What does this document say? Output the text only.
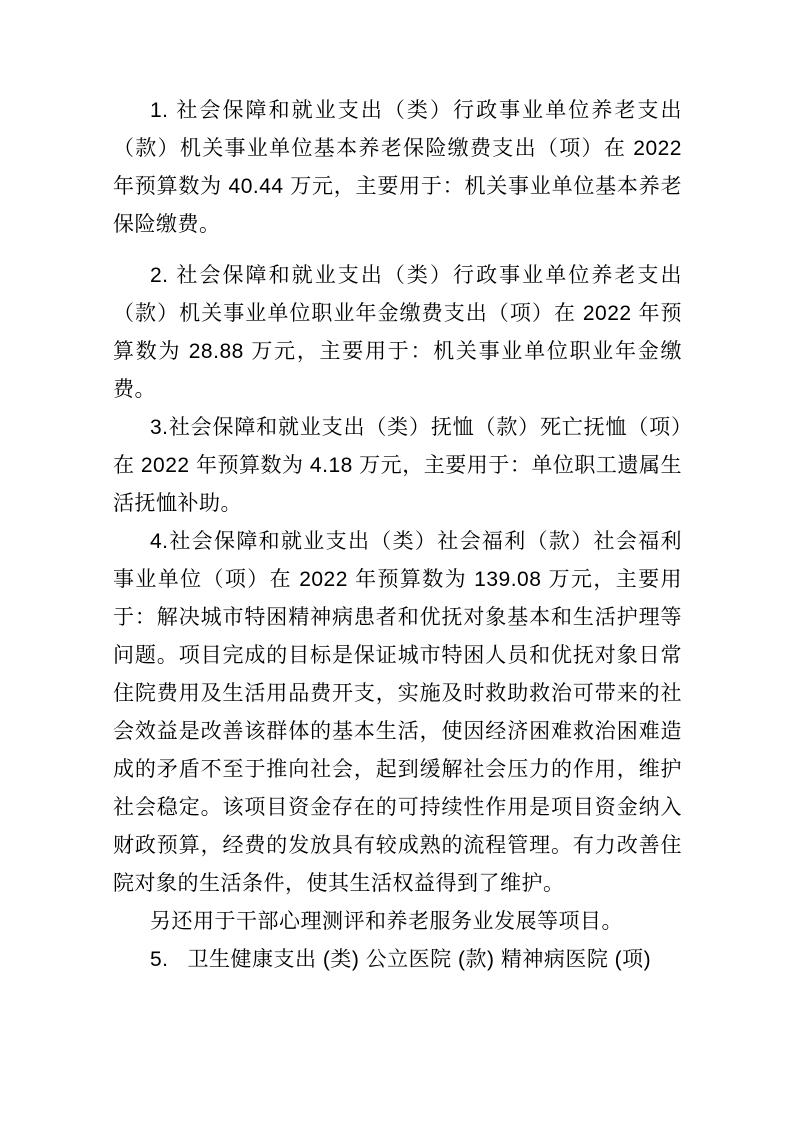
1. 社会保障和就业支出（类）行政事业单位养老支出（款）机关事业单位基本养老保险缴费支出（项）在 2022 年预算数为 40.44 万元，主要用于：机关事业单位基本养老保险缴费。

2. 社会保障和就业支出（类）行政事业单位养老支出（款）机关事业单位职业年金缴费支出（项）在 2022 年预算数为 28.88 万元，主要用于：机关事业单位职业年金缴费。

3.社会保障和就业支出（类）抚恤（款）死亡抚恤（项）在 2022 年预算数为 4.18 万元，主要用于：单位职工遗属生活抚恤补助。

4.社会保障和就业支出（类）社会福利（款）社会福利事业单位（项）在 2022 年预算数为 139.08 万元，主要用于：解决城市特困精神病患者和优抚对象基本和生活护理等问题。项目完成的目标是保证城市特困人员和优抚对象日常住院费用及生活用品费开支，实施及时救助救治可带来的社会效益是改善该群体的基本生活，使因经济困难救治困难造成的矛盾不至于推向社会，起到缓解社会压力的作用，维护社会稳定。该项目资金存在的可持续性作用是项目资金纳入财政预算，经费的发放具有较成熟的流程管理。有力改善住院对象的生活条件，使其生活权益得到了维护。

另还用于干部心理测评和养老服务业发展等项目。

5.   卫生健康支出 (类) 公立医院 (款) 精神病医院 (项)
